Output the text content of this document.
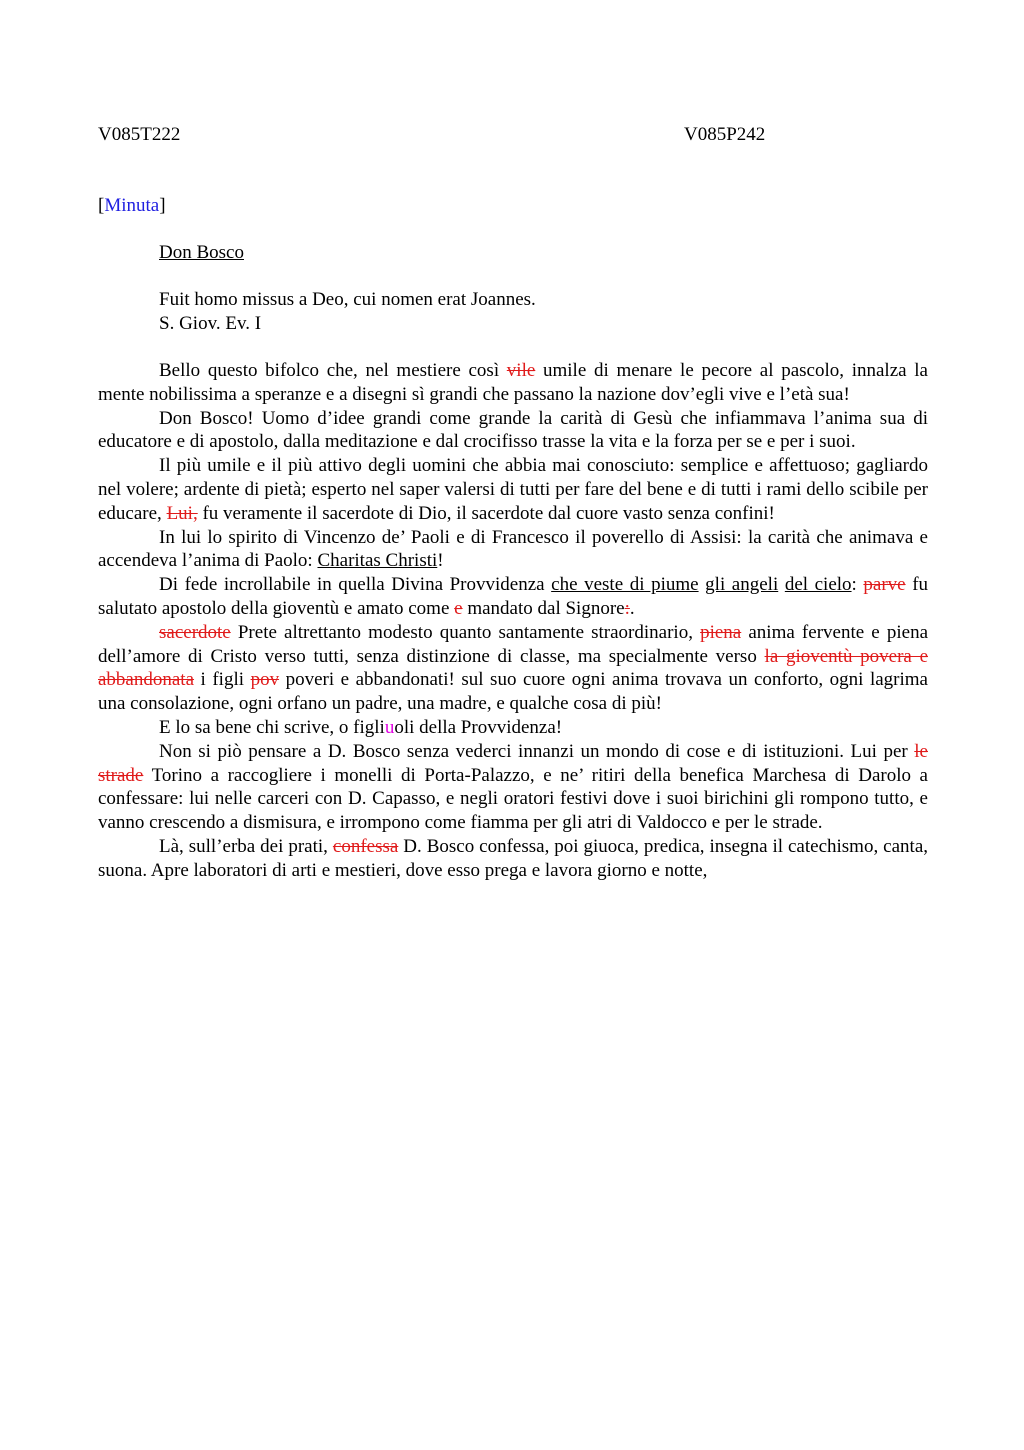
V085T222	V085P242
[Minuta]
Don Bosco
Fuit homo missus a Deo, cui nomen erat Joannes.
S. Giov. Ev. I

Bello questo bifolco che, nel mestiere così vile umile di menare le pecore al pascolo, innalza la mente nobilissima a speranze e a disegni sì grandi che passano la nazione dov’egli vive e l’età sua!

Don Bosco! Uomo d’idee grandi come grande la carità di Gesù che infiammava l’anima sua di educatore e di apostolo, dalla meditazione e dal crocifisso trasse la vita e la forza per se e per i suoi.

Il più umile e il più attivo degli uomini che abbia mai conosciuto: semplice e affettuoso; gagliardo nel volere; ardente di pietà; esperto nel saper valersi di tutti per fare del bene e di tutti i rami dello scibile per educare, Lui, fu veramente il sacerdote di Dio, il sacerdote dal cuore vasto senza confini!

In lui lo spirito di Vincenzo de’ Paoli e di Francesco il poverello di Assisi: la carità che animava e accendeva l’anima di Paolo: Charitas Christi!

Di fede incrollabile in quella Divina Provvidenza che veste di piume gli angeli del cielo: parve fu salutato apostolo della gioventù e amato come e mandato dal Signore:.

sacerdote Prete altrettanto modesto quanto santamente straordinario, piena anima fervente e piena dell’amore di Cristo verso tutti, senza distinzione di classe, ma specialmente verso la gioventù povera e abbandonata i figli pov poveri e abbandonati! sul suo cuore ogni anima trovava un conforto, ogni lagrima una consolazione, ogni orfano un padre, una madre, e qualche cosa di più!

E lo sa bene chi scrive, o figliuoli della Provvidenza!

Non si piò pensare a D. Bosco senza vederci innanzi un mondo di cose e di istituzioni. Lui per le strade Torino a raccogliere i monelli di Porta-Palazzo, e ne’ ritiri della benefica Marchesa di Darolo a confessare: lui nelle carceri con D. Capasso, e negli oratori festivi dove i suoi birichini gli rompono tutto, e vanno crescendo a dismisura, e irrompono come fiamma per gli atri di Valdocco e per le strade.

Là, sull’erba dei prati, confessa D. Bosco confessa, poi giuoca, predica, insegna il catechismo, canta, suona. Apre laboratori di arti e mestieri, dove esso prega e lavora giorno e notte,
